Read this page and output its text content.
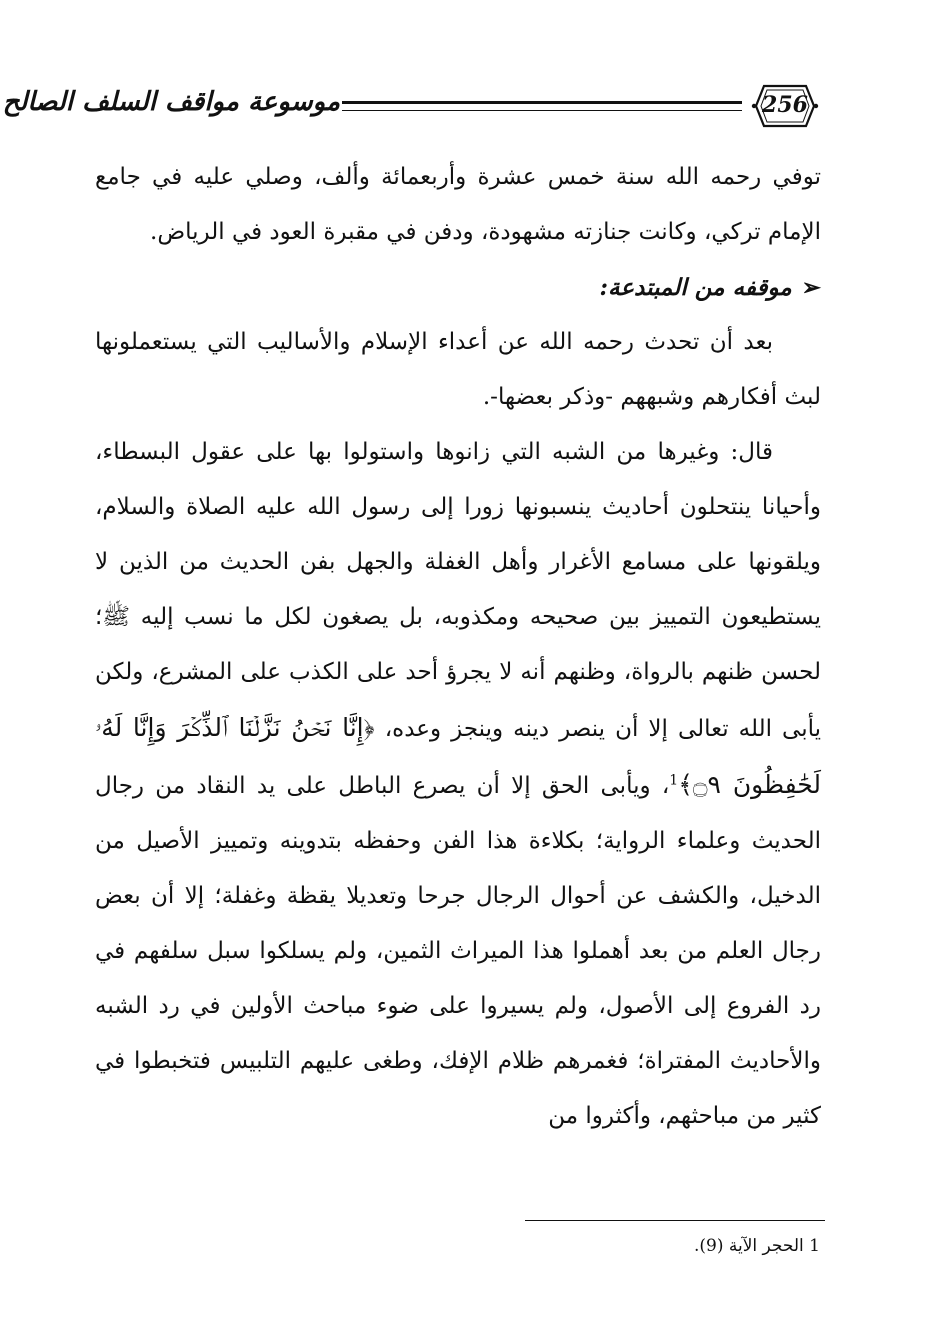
موسوعة مواقف السلف الصالح	256

توفي رحمه الله سنة خمس عشرة وأربعمائة وألف، وصلي عليه في جامع الإمام تركي، وكانت جنازته مشهودة، ودفن في مقبرة العود في الرياض.

➢موقفه من المبتدعة:

بعد أن تحدث رحمه الله عن أعداء الإسلام والأساليب التي يستعملونها لبث أفكارهم وشبههم -وذكر بعضها-.

قال: وغيرها من الشبه التي زانوها واستولوا بها على عقول البسطاء، وأحيانا ينتحلون أحاديث ينسبونها زورا إلى رسول الله عليه الصلاة والسلام، ويلقونها على مسامع الأغرار وأهل الغفلة والجهل بفن الحديث من الذين لا يستطيعون التمييز بين صحيحه ومكذوبه، بل يصغون لكل ما نسب إليه ﷺ؛ لحسن ظنهم بالرواة، وظنهم أنه لا يجرؤ أحد على الكذب على المشرع، ولكن يأبى الله تعالى إلا أن ينصر دينه وينجز وعده، ﴿إِنَّا نَحۡنُ نَزَّلۡنَا ٱلذِّكۡرَ وَإِنَّا لَهُۥ لَحَٰفِظُونَ ۝٩﴾$^1$، ويأبى الحق إلا أن يصرع الباطل على يد النقاد من رجال الحديث وعلماء الرواية؛ بكلاءة هذا الفن وحفظه بتدوينه وتمييز الأصيل من الدخيل، والكشف عن أحوال الرجال جرحا وتعديلا يقظة وغفلة؛ إلا أن بعض رجال العلم من بعد أهملوا هذا الميراث الثمين، ولم يسلكوا سبل سلفهم في رد الفروع إلى الأصول، ولم يسيروا على ضوء مباحث الأولين في رد الشبه والأحاديث المفتراة؛ فغمرهم ظلام الإفك، وطغى عليهم التلبيس فتخبطوا في كثير من مباحثهم، وأكثروا من

1 الحجر الآية (9).
